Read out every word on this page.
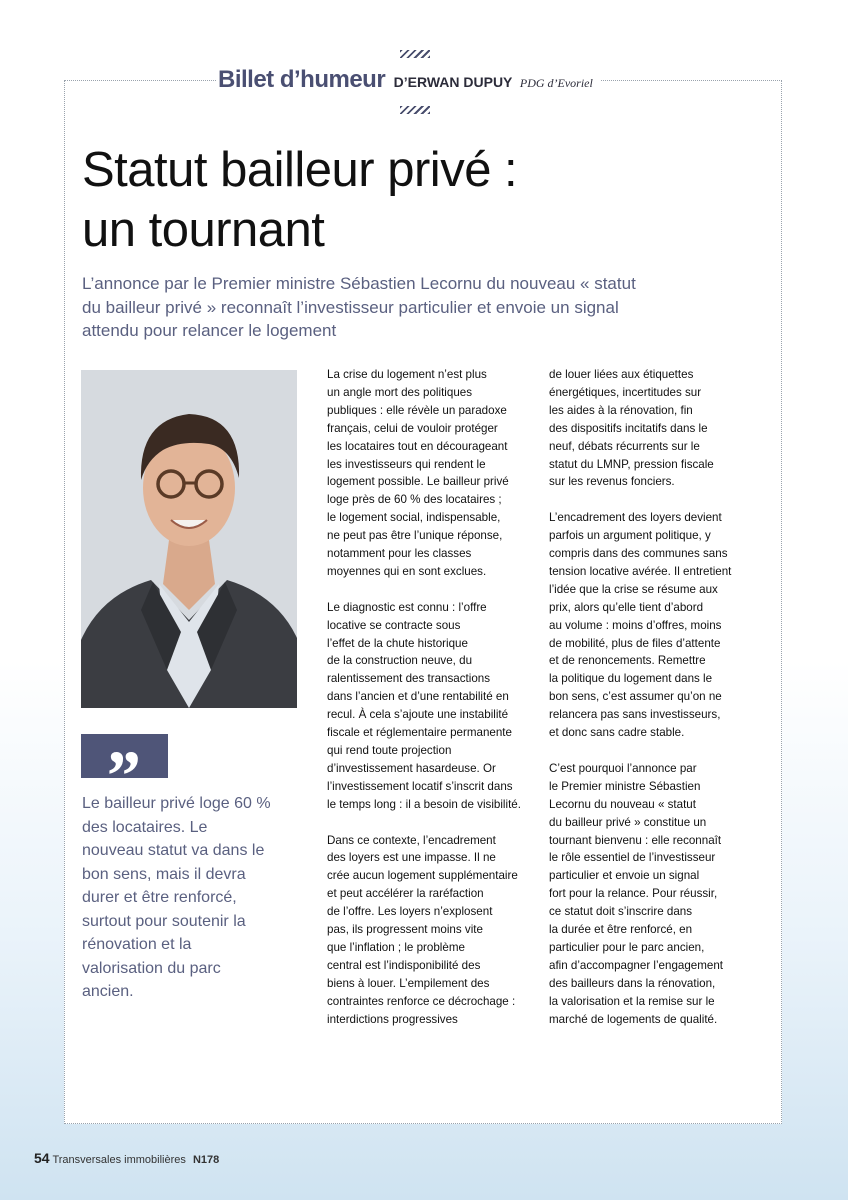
Billet d’humeur D’ERWAN DUPUY PDG d’Evoriel
Statut bailleur privé :
un tournant

L’annonce par le Premier ministre Sébastien Lecornu du nouveau « statut
du bailleur privé » reconnaît l’investisseur particulier et envoie un signal
attendu pour relancer le logement

”

Le bailleur privé loge 60 % des locataires. Le nouveau statut va dans le bon sens, mais il devra durer et être renforcé, surtout pour soutenir la rénovation et la valorisation du parc ancien.

La crise du logement n’est plus
un angle mort des politiques
publiques : elle révèle un paradoxe
français, celui de vouloir protéger
les locataires tout en décourageant
les investisseurs qui rendent le
logement possible. Le bailleur privé
loge près de 60 % des locataires ;
le logement social, indispensable,
ne peut pas être l’unique réponse,
notamment pour les classes
moyennes qui en sont exclues.

Le diagnostic est connu : l’offre
locative se contracte sous
l’effet de la chute historique
de la construction neuve, du
ralentissement des transactions
dans l’ancien et d’une rentabilité en
recul. À cela s’ajoute une instabilité
fiscale et réglementaire permanente
qui rend toute projection
d’investissement hasardeuse. Or
l’investissement locatif s’inscrit dans
le temps long : il a besoin de visibilité.

Dans ce contexte, l’encadrement
des loyers est une impasse. Il ne
crée aucun logement supplémentaire
et peut accélérer la raréfaction
de l’offre. Les loyers n’explosent
pas, ils progressent moins vite
que l’inflation ; le problème
central est l’indisponibilité des
biens à louer. L’empilement des
contraintes renforce ce décrochage :
interdictions progressives

de louer liées aux étiquettes
énergétiques, incertitudes sur
les aides à la rénovation, fin
des dispositifs incitatifs dans le
neuf, débats récurrents sur le
statut du LMNP, pression fiscale
sur les revenus fonciers.

L’encadrement des loyers devient
parfois un argument politique, y
compris dans des communes sans
tension locative avérée. Il entretient
l’idée que la crise se résume aux
prix, alors qu’elle tient d’abord
au volume : moins d’offres, moins
de mobilité, plus de files d’attente
et de renoncements. Remettre
la politique du logement dans le
bon sens, c’est assumer qu’on ne
relancera pas sans investisseurs,
et donc sans cadre stable.

C’est pourquoi l’annonce par
le Premier ministre Sébastien
Lecornu du nouveau « statut
du bailleur privé » constitue un
tournant bienvenu : elle reconnaît
le rôle essentiel de l’investisseur
particulier et envoie un signal
fort pour la relance. Pour réussir,
ce statut doit s’inscrire dans
la durée et être renforcé, en
particulier pour le parc ancien,
afin d’accompagner l’engagement
des bailleurs dans la rénovation,
la valorisation et la remise sur le
marché de logements de qualité.

54 Transversales immobilières N178
